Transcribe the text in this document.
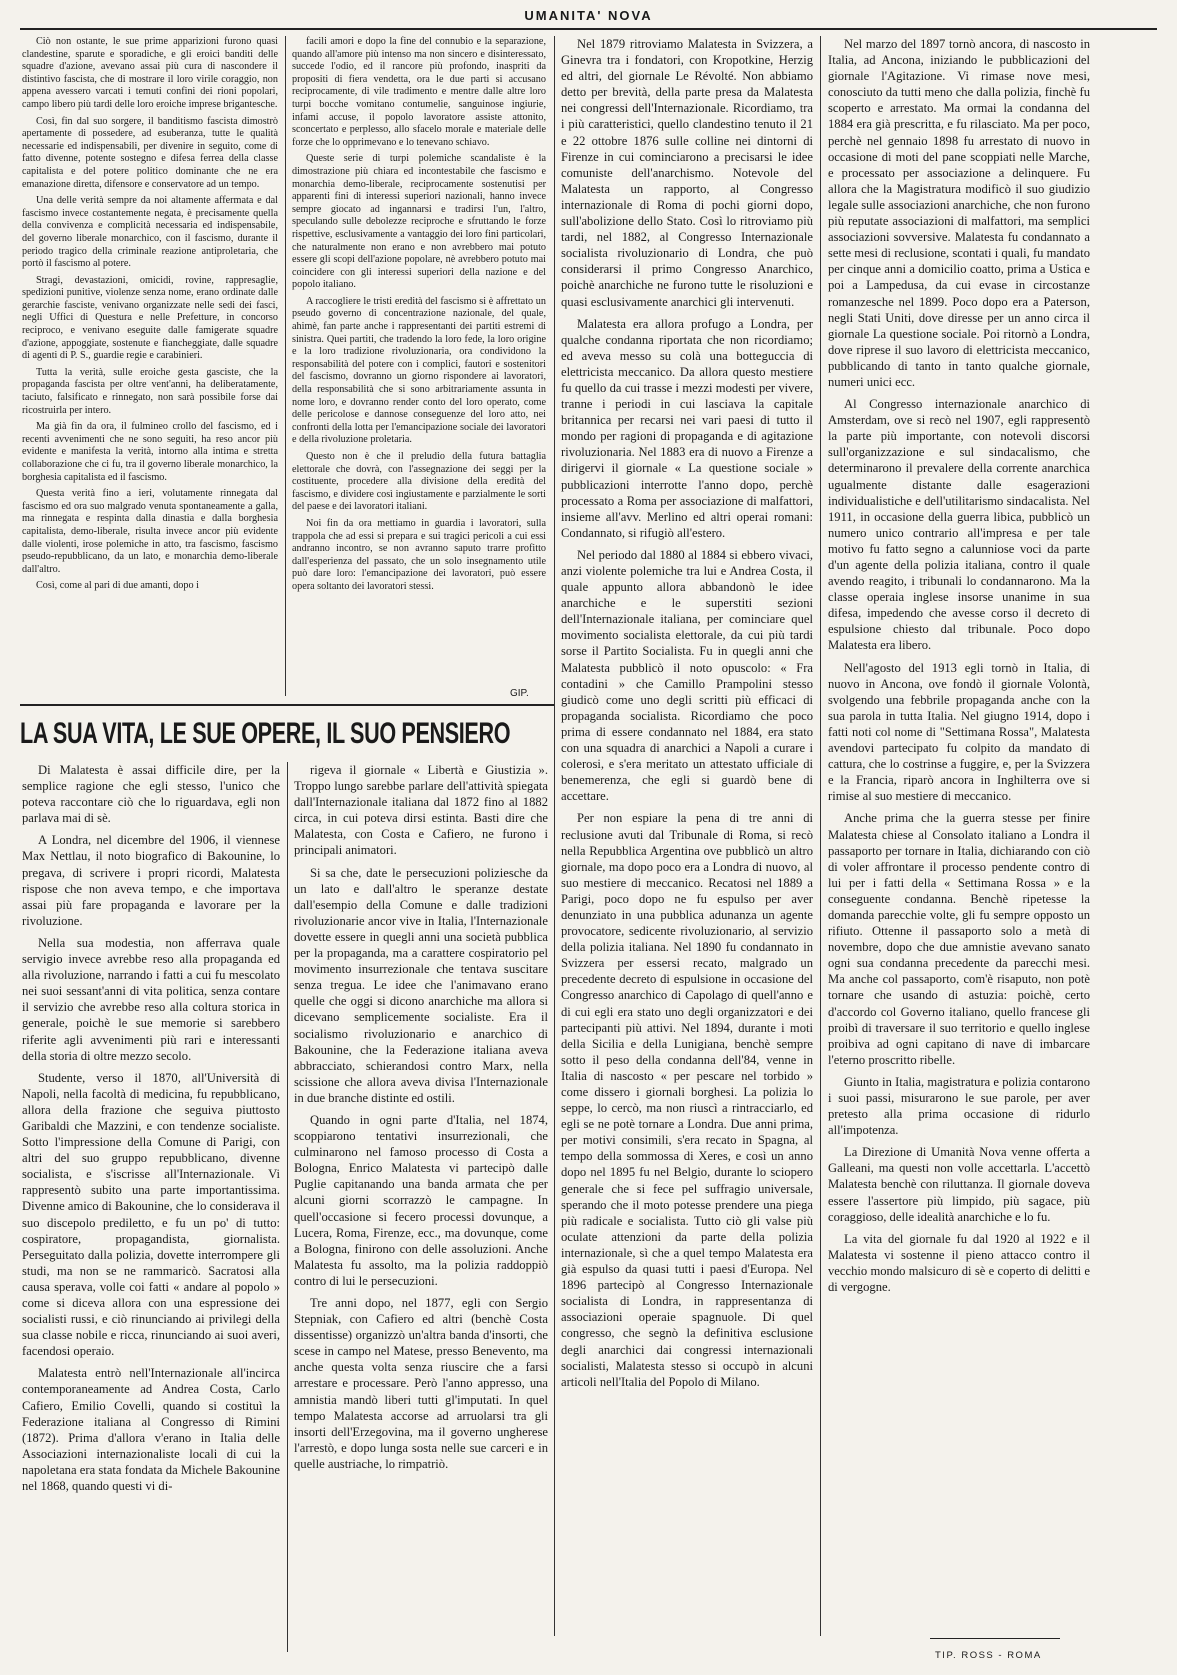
UMANITA' NOVA

Ciò non ostante, le sue prime apparizioni furono quasi clandestine, sparute e sporadiche, e gli eroici banditi delle squadre d'azione, avevano assai più cura di nascondere il distintivo fascista, che di mostrare il loro virile coraggio, non appena avessero varcati i temuti confini dei rioni popolari, campo libero più tardi delle loro eroiche imprese brigantesche.

Così, fin dal suo sorgere, il banditismo fascista dimostrò apertamente di possedere, ad esuberanza, tutte le qualità necessarie ed indispensabili, per divenire in seguito, come di fatto divenne, potente sostegno e difesa ferrea della classe capitalista e del potere politico dominante che ne era emanazione diretta, difensore e conservatore ad un tempo.

Una delle verità sempre da noi altamente affermata e dal fascismo invece costantemente negata, è precisamente quella della convivenza e complicità necessaria ed indispensabile, del governo liberale monarchico, con il fascismo, durante il periodo tragico della criminale reazione antiproletaria, che portò il fascismo al potere.

Stragi, devastazioni, omicidi, rovine, rappresaglie, spedizioni punitive, violenze senza nome, erano ordinate dalle gerarchie fasciste, venivano organizzate nelle sedi dei fasci, negli Uffici di Questura e nelle Prefetture, in concorso reciproco, e venivano eseguite dalle famigerate squadre d'azione, appoggiate, sostenute e fiancheggiate, dalle squadre di agenti di P. S., guardie regie e carabinieri.

Tutta la verità, sulle eroiche gesta gasciste, che la propaganda fascista per oltre vent'anni, ha deliberatamente, taciuto, falsificato e rinnegato, non sarà possibile forse dai ricostruirla per intero.

Ma già fin da ora, il fulmineo crollo del fascismo, ed i recenti avvenimenti che ne sono seguiti, ha reso ancor più evidente e manifesta la verità, intorno alla intima e stretta collaborazione che ci fu, tra il governo liberale monarchico, la borghesia capitalista ed il fascismo.

Questa verità fino a ieri, volutamente rinnegata dal fascismo ed ora suo malgrado venuta spontaneamente a galla, ma rinnegata e respinta dalla dinastia e dalla borghesia capitalista, demo-liberale, risulta invece ancor più evidente dalle violenti, irose polemiche in atto, tra fascismo, fascismo pseudo-repubblicano, da un lato, e monarchia demo-liberale dall'altro.

Così, come al pari di due amanti, dopo i

facili amori e dopo la fine del connubio e la separazione, quando all'amore più intenso ma non sincero e disinteressato, succede l'odio, ed il rancore più profondo, inaspriti da propositi di fiera vendetta, ora le due parti si accusano reciprocamente, di vile tradimento e mentre dalle altre loro turpi bocche vomitano contumelie, sanguinose ingiurie, infami accuse, il popolo lavoratore assiste attonito, sconcertato e perplesso, allo sfacelo morale e materiale delle forze che lo opprimevano e lo tenevano schiavo.

Queste serie di turpi polemiche scandaliste è la dimostrazione più chiara ed incontestabile che fascismo e monarchia demo-liberale, reciprocamente sostenutisi per apparenti fini di interessi superiori nazionali, hanno invece sempre giocato ad ingannarsi e tradirsi l'un, l'altro, speculando sulle debolezze reciproche e sfruttando le forze rispettive, esclusivamente a vantaggio dei loro fini particolari, che naturalmente non erano e non avrebbero mai potuto essere gli scopi dell'azione popolare, nè avrebbero potuto mai coincidere con gli interessi superiori della nazione e del popolo italiano.

A raccogliere le tristi eredità del fascismo si è affrettato un pseudo governo di concentrazione nazionale, del quale, ahimè, fan parte anche i rappresentanti dei partiti estremi di sinistra. Quei partiti, che tradendo la loro fede, la loro origine e la loro tradizione rivoluzionaria, ora condividono la responsabilità del potere con i complici, fautori e sostenitori del fascismo, dovranno un giorno rispondere ai lavoratori, della responsabilità che si sono arbitrariamente assunta in nome loro, e dovranno render conto del loro operato, come delle pericolose e dannose conseguenze del loro atto, nei confronti della lotta per l'emancipazione sociale dei lavoratori e della rivoluzione proletaria.

Questo non è che il preludio della futura battaglia elettorale che dovrà, con l'assegnazione dei seggi per la costituente, procedere alla divisione della eredità del fascismo, e dividere così ingiustamente e parzialmente le sorti del paese e dei lavoratori italiani.

Noi fin da ora mettiamo in guardia i lavoratori, sulla trappola che ad essi si prepara e sui tragici pericoli a cui essi andranno incontro, se non avranno saputo trarre profitto dall'esperienza del passato, che un solo insegnamento utile può dare loro: l'emancipazione dei lavoratori, può essere opera soltanto dei lavoratori stessi.

GIP.
LA SUA VITA, LE SUE OPERE, IL SUO PENSIERO

Di Malatesta è assai difficile dire, per la semplice ragione che egli stesso, l'unico che poteva raccontare ciò che lo riguardava, egli non parlava mai di sè.

A Londra, nel dicembre del 1906, il viennese Max Nettlau, il noto biografico di Bakounine, lo pregava, di scrivere i propri ricordi, Malatesta rispose che non aveva tempo, e che importava assai più fare propaganda e lavorare per la rivoluzione.

Nella sua modestia, non afferrava quale servigio invece avrebbe reso alla propaganda ed alla rivoluzione, narrando i fatti a cui fu mescolato nei suoi sessant'anni di vita politica, senza contare il servizio che avrebbe reso alla coltura storica in generale, poichè le sue memorie si sarebbero riferite agli avvenimenti più rari e interessanti della storia di oltre mezzo secolo.

Studente, verso il 1870, all'Università di Napoli, nella facoltà di medicina, fu repubblicano, allora della frazione che seguiva piuttosto Garibaldi che Mazzini, e con tendenze socialiste. Sotto l'impressione della Comune di Parigi, con altri del suo gruppo repubblicano, divenne socialista, e s'iscrisse all'Internazionale. Vi rappresentò subito una parte importantissima. Divenne amico di Bakounine, che lo considerava il suo discepolo prediletto, e fu un po' di tutto: cospiratore, propagandista, giornalista. Perseguitato dalla polizia, dovette interrompere gli studi, ma non se ne rammaricò. Sacratosi alla causa sperava, volle coi fatti « andare al popolo » come si diceva allora con una espressione dei socialisti russi, e ciò rinunciando ai privilegi della sua classe nobile e ricca, rinunciando ai suoi averi, facendosi operaio.

Malatesta entrò nell'Internazionale all'incirca contemporaneamente ad Andrea Costa, Carlo Cafiero, Emilio Covelli, quando si costituì la Federazione italiana al Congresso di Rimini (1872). Prima d'allora v'erano in Italia delle Associazioni internazionaliste locali di cui la napoletana era stata fondata da Michele Bakounine nel 1868, quando questi vi di-

rigeva il giornale « Libertà e Giustizia ». Troppo lungo sarebbe parlare dell'attività spiegata dall'Internazionale italiana dal 1872 fino al 1882 circa, in cui poteva dirsi estinta. Basti dire che Malatesta, con Costa e Cafiero, ne furono i principali animatori.

Si sa che, date le persecuzioni poliziesche da un lato e dall'altro le speranze destate dall'esempio della Comune e dalle tradizioni rivoluzionarie ancor vive in Italia, l'Internazionale dovette essere in quegli anni una società pubblica per la propaganda, ma a carattere cospiratorio pel movimento insurrezionale che tentava suscitare senza tregua. Le idee che l'animavano erano quelle che oggi si dicono anarchiche ma allora si dicevano semplicemente socialiste. Era il socialismo rivoluzionario e anarchico di Bakounine, che la Federazione italiana aveva abbracciato, schierandosi contro Marx, nella scissione che allora aveva divisa l'Internazionale in due branche distinte ed ostili.

Quando in ogni parte d'Italia, nel 1874, scoppiarono tentativi insurrezionali, che culminarono nel famoso processo di Costa a Bologna, Enrico Malatesta vi partecipò dalle Puglie capitanando una banda armata che per alcuni giorni scorrazzò le campagne. In quell'occasione si fecero processi dovunque, a Lucera, Roma, Firenze, ecc., ma dovunque, come a Bologna, finirono con delle assoluzioni. Anche Malatesta fu assolto, ma la polizia raddoppiò contro di lui le persecuzioni.

Tre anni dopo, nel 1877, egli con Sergio Stepniak, con Cafiero ed altri (benchè Costa dissentisse) organizzò un'altra banda d'insorti, che scese in campo nel Matese, presso Benevento, ma anche questa volta senza riuscire che a farsi arrestare e processare. Però l'anno appresso, una amnistia mandò liberi tutti gl'imputati. In quel tempo Malatesta accorse ad arruolarsi tra gli insorti dell'Erzegovina, ma il governo ungherese l'arrestò, e dopo lunga sosta nelle sue carceri e in quelle austriache, lo rimpatriò.

Nel 1879 ritroviamo Malatesta in Svizzera, a Ginevra tra i fondatori, con Kropotkine, Herzig ed altri, del giornale Le Révolté. Non abbiamo detto per brevità, della parte presa da Malatesta nei congressi dell'Internazionale. Ricordiamo, tra i più caratteristici, quello clandestino tenuto il 21 e 22 ottobre 1876 sulle colline nei dintorni di Firenze in cui cominciarono a precisarsi le idee comuniste dell'anarchismo. Notevole del Malatesta un rapporto, al Congresso internazionale di Roma di pochi giorni dopo, sull'abolizione dello Stato. Così lo ritroviamo più tardi, nel 1882, al Congresso Internazionale socialista rivoluzionario di Londra, che può considerarsi il primo Congresso Anarchico, poichè anarchiche ne furono tutte le risoluzioni e quasi esclusivamente anarchici gli intervenuti.

Malatesta era allora profugo a Londra, per qualche condanna riportata che non ricordiamo; ed aveva messo su colà una botteguccia di elettricista meccanico. Da allora questo mestiere fu quello da cui trasse i mezzi modesti per vivere, tranne i periodi in cui lasciava la capitale britannica per recarsi nei vari paesi di tutto il mondo per ragioni di propaganda e di agitazione rivoluzionaria. Nel 1883 era di nuovo a Firenze a dirigervi il giornale « La questione sociale » pubblicazioni interrotte l'anno dopo, perchè processato a Roma per associazione di malfattori, insieme all'avv. Merlino ed altri operai romani: Condannato, si rifugiò all'estero.

Nel periodo dal 1880 al 1884 si ebbero vivaci, anzi violente polemiche tra lui e Andrea Costa, il quale appunto allora abbandonò le idee anarchiche e le superstiti sezioni dell'Internazionale italiana, per cominciare quel movimento socialista elettorale, da cui più tardi sorse il Partito Socialista. Fu in quegli anni che Malatesta pubblicò il noto opuscolo: « Fra contadini » che Camillo Prampolini stesso giudicò come uno degli scritti più efficaci di propaganda socialista. Ricordiamo che poco prima di essere condannato nel 1884, era stato con una squadra di anarchici a Napoli a curare i colerosi, e s'era meritato un attestato ufficiale di benemerenza, che egli si guardò bene di accettare.

Per non espiare la pena di tre anni di reclusione avuti dal Tribunale di Roma, si recò nella Repubblica Argentina ove pubblicò un altro giornale, ma dopo poco era a Londra di nuovo, al suo mestiere di meccanico. Recatosi nel 1889 a Parigi, poco dopo ne fu espulso per aver denunziato in una pubblica adunanza un agente provocatore, sedicente rivoluzionario, al servizio della polizia italiana. Nel 1890 fu condannato in Svizzera per essersi recato, malgrado un precedente decreto di espulsione in occasione del Congresso anarchico di Capolago di quell'anno e di cui egli era stato uno degli organizzatori e dei partecipanti più attivi. Nel 1894, durante i moti della Sicilia e della Lunigiana, benchè sempre sotto il peso della condanna dell'84, venne in Italia di nascosto « per pescare nel torbido » come dissero i giornali borghesi. La polizia lo seppe, lo cercò, ma non riuscì a rintracciarlo, ed egli se ne potè tornare a Londra. Due anni prima, per motivi consimili, s'era recato in Spagna, al tempo della sommossa di Xeres, e così un anno dopo nel 1895 fu nel Belgio, durante lo sciopero generale che si fece pel suffragio universale, sperando che il moto potesse prendere una piega più radicale e socialista. Tutto ciò gli valse più oculate attenzioni da parte della polizia internazionale, sì che a quel tempo Malatesta era già espulso da quasi tutti i paesi d'Europa. Nel 1896 partecipò al Congresso Internazionale socialista di Londra, in rappresentanza di associazioni operaie spagnuole. Di quel congresso, che segnò la definitiva esclusione degli anarchici dai congressi internazionali socialisti, Malatesta stesso si occupò in alcuni articoli nell'Italia del Popolo di Milano.

Nel marzo del 1897 tornò ancora, di nascosto in Italia, ad Ancona, iniziando le pubblicazioni del giornale l'Agitazione. Vi rimase nove mesi, conosciuto da tutti meno che dalla polizia, finchè fu scoperto e arrestato. Ma ormai la condanna del 1884 era già prescritta, e fu rilasciato. Ma per poco, perchè nel gennaio 1898 fu arrestato di nuovo in occasione di moti del pane scoppiati nelle Marche, e processato per associazione a delinquere. Fu allora che la Magistratura modificò il suo giudizio legale sulle associazioni anarchiche, che non furono più reputate associazioni di malfattori, ma semplici associazioni sovversive. Malatesta fu condannato a sette mesi di reclusione, scontati i quali, fu mandato per cinque anni a domicilio coatto, prima a Ustica e poi a Lampedusa, da cui evase in circostanze romanzesche nel 1899. Poco dopo era a Paterson, negli Stati Uniti, dove diresse per un anno circa il giornale La questione sociale. Poi ritornò a Londra, dove riprese il suo lavoro di elettricista meccanico, pubblicando di tanto in tanto qualche giornale, numeri unici ecc.

Al Congresso internazionale anarchico di Amsterdam, ove si recò nel 1907, egli rappresentò la parte più importante, con notevoli discorsi sull'organizzazione e sul sindacalismo, che determinarono il prevalere della corrente anarchica ugualmente distante dalle esagerazioni individualistiche e dell'utilitarismo sindacalista. Nel 1911, in occasione della guerra libica, pubblicò un numero unico contrario all'impresa e per tale motivo fu fatto segno a calunniose voci da parte d'un agente della polizia italiana, contro il quale avendo reagito, i tribunali lo condannarono. Ma la classe operaia inglese insorse unanime in sua difesa, impedendo che avesse corso il decreto di espulsione chiesto dal tribunale. Poco dopo Malatesta era libero.

Nell'agosto del 1913 egli tornò in Italia, di nuovo in Ancona, ove fondò il giornale Volontà, svolgendo una febbrile propaganda anche con la sua parola in tutta Italia. Nel giugno 1914, dopo i fatti noti col nome di "Settimana Rossa", Malatesta avendovi partecipato fu colpito da mandato di cattura, che lo costrinse a fuggire, e, per la Svizzera e la Francia, riparò ancora in Inghilterra ove si rimise al suo mestiere di meccanico.

Anche prima che la guerra stesse per finire Malatesta chiese al Consolato italiano a Londra il passaporto per tornare in Italia, dichiarando con ciò di voler affrontare il processo pendente contro di lui per i fatti della « Settimana Rossa » e la conseguente condanna. Benchè ripetesse la domanda parecchie volte, gli fu sempre opposto un rifiuto. Ottenne il passaporto solo a metà di novembre, dopo che due amnistie avevano sanato ogni sua condanna precedente da parecchi mesi. Ma anche col passaporto, com'è risaputo, non potè tornare che usando di astuzia: poichè, certo d'accordo col Governo italiano, quello francese gli proibì di traversare il suo territorio e quello inglese proibiva ad ogni capitano di nave di imbarcare l'eterno proscritto ribelle.

Giunto in Italia, magistratura e polizia contarono i suoi passi, misurarono le sue parole, per aver pretesto alla prima occasione di ridurlo all'impotenza.

La Direzione di Umanità Nova venne offerta a Galleani, ma questi non volle accettarla. L'accettò Malatesta benchè con riluttanza. Il giornale doveva essere l'assertore più limpido, più sagace, più coraggioso, delle idealità anarchiche e lo fu.

La vita del giornale fu dal 1920 al 1922 e il Malatesta vi sostenne il pieno attacco contro il vecchio mondo malsicuro di sè e coperto di delitti e di vergogne.

TIP. ROSS - ROMA
